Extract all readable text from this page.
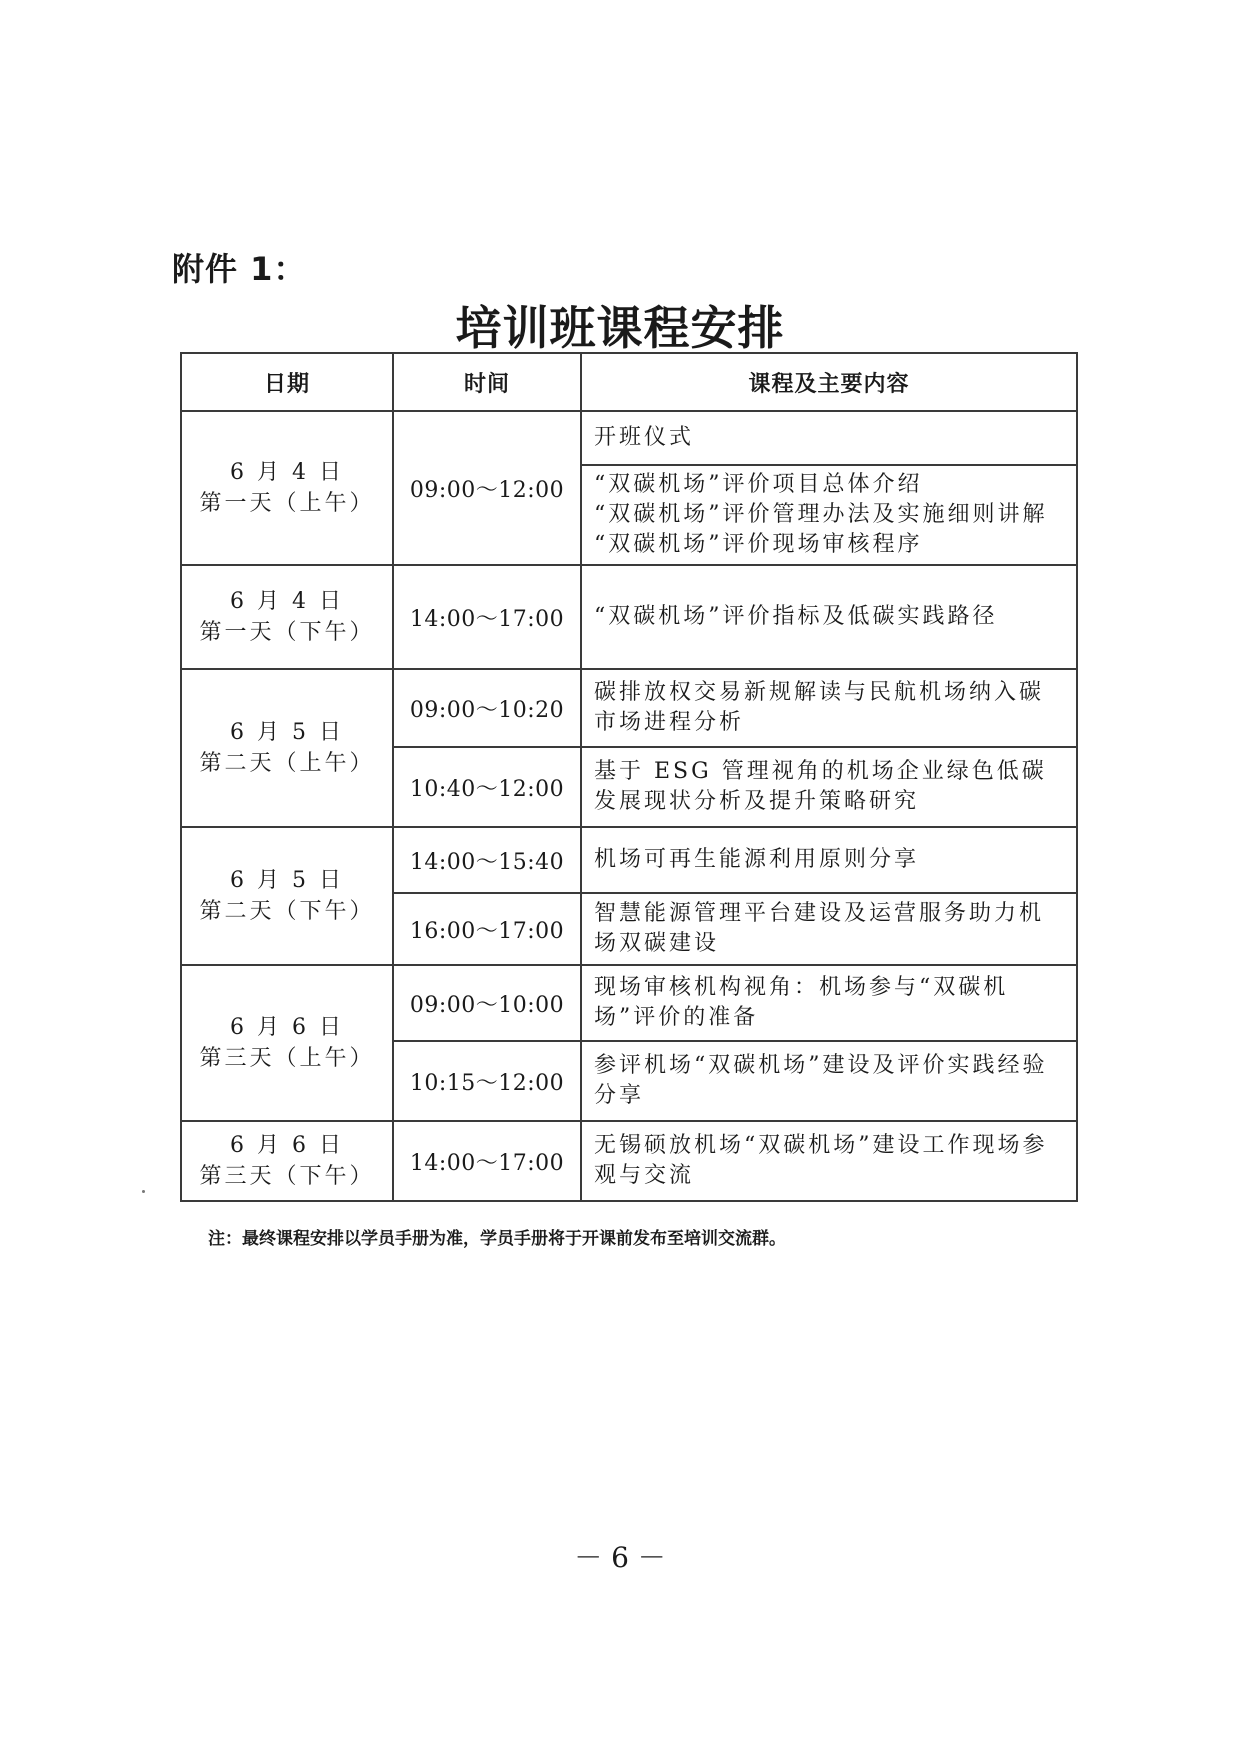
附件 1：
培训班课程安排
日期	时间	课程及主要内容

6 月 4 日
第一天（上午）	09:00～12:00	开班仪式
		“双碳机场”评价项目总体介绍
“双碳机场”评价管理办法及实施细则讲解
“双碳机场”评价现场审核程序

6 月 4 日
第一天（下午）	14:00～17:00	“双碳机场”评价指标及低碳实践路径

6 月 5 日
第二天（上午）	09:00～10:20	碳排放权交易新规解读与民航机场纳入碳市场进程分析
	10:40～12:00	基于 ESG 管理视角的机场企业绿色低碳发展现状分析及提升策略研究

6 月 5 日
第二天（下午）	14:00～15:40	机场可再生能源利用原则分享
	16:00～17:00	智慧能源管理平台建设及运营服务助力机场双碳建设

6 月 6 日
第三天（上午）	09:00～10:00	现场审核机构视角：机场参与“双碳机场”评价的准备
	10:15～12:00	参评机场“双碳机场”建设及评价实践经验分享

6 月 6 日
第三天（下午）	14:00～17:00	无锡硕放机场“双碳机场”建设工作现场参观与交流
注：最终课程安排以学员手册为准，学员手册将于开课前发布至培训交流群。
－ 6 －
